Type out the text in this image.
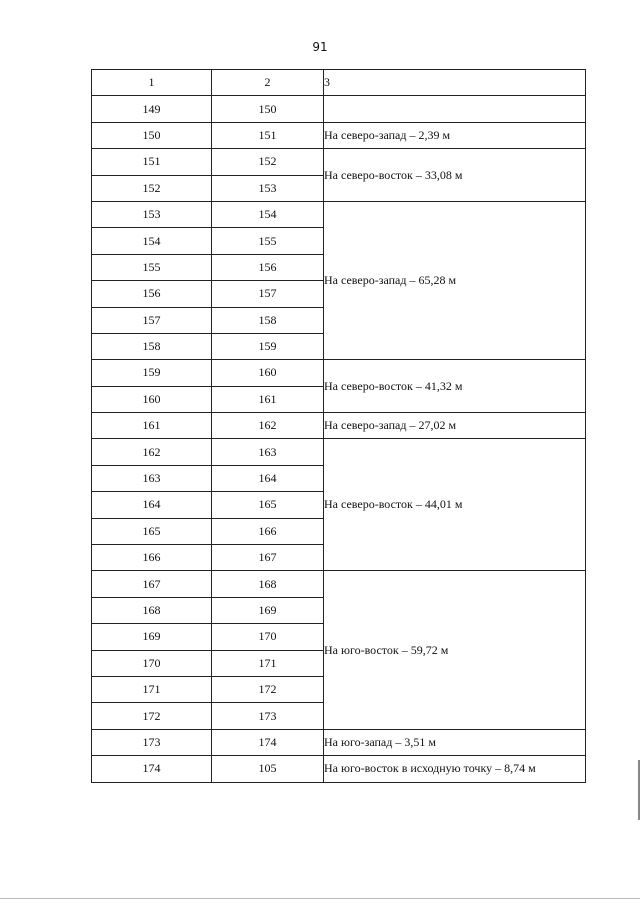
91
1	2	3
149	150	
150	151	На северо-запад – 2,39 м
151	152	На северо-восток – 33,08 м
152	153	
153	154	На северо-запад – 65,28 м
154	155	
155	156	
156	157	
157	158	
158	159	
159	160	На северо-восток – 41,32 м
160	161	
161	162	На северо-запад – 27,02 м
162	163	На северо-восток – 44,01 м
163	164	
164	165	
165	166	
166	167	
167	168	На юго-восток – 59,72 м
168	169	
169	170	
170	171	
171	172	
172	173	
173	174	На юго-запад – 3,51 м
174	105	На юго-восток в исходную точку – 8,74 м
